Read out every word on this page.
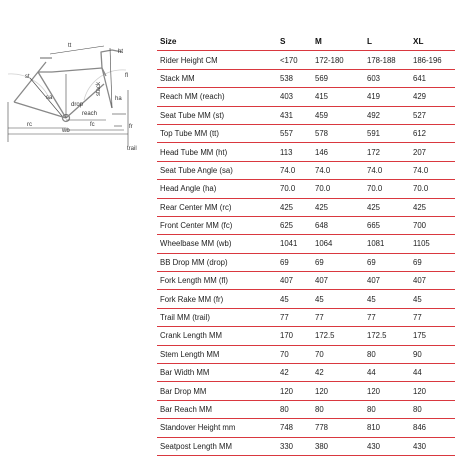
tt
ht
st
sa
stack
ha
fl
drop
reach
rc	fc
wb
fr
trail
Size	S	M	L	XL
Rider Height CM	<170	172-180	178-188	186-196
Stack MM	538	569	603	641
Reach MM (reach)	403	415	419	429
Seat Tube MM (st)	431	459	492	527
Top Tube MM (tt)	557	578	591	612
Head Tube MM (ht)	113	146	172	207
Seat Tube Angle (sa)	74.0	74.0	74.0	74.0
Head Angle (ha)	70.0	70.0	70.0	70.0
Rear Center MM (rc)	425	425	425	425
Front Center MM (fc)	625	648	665	700
Wheelbase MM (wb)	1041	1064	1081	1105
BB Drop MM (drop)	69	69	69	69
Fork Length MM (fl)	407	407	407	407
Fork Rake MM (fr)	45	45	45	45
Trail MM (trail)	77	77	77	77
Crank Length MM	170	172.5	172.5	175
Stem Length MM	70	70	80	90
Bar Width MM	42	42	44	44
Bar Drop MM	120	120	120	120
Bar Reach MM	80	80	80	80
Standover Height mm	748	778	810	846
Seatpost Length MM	330	380	430	430
